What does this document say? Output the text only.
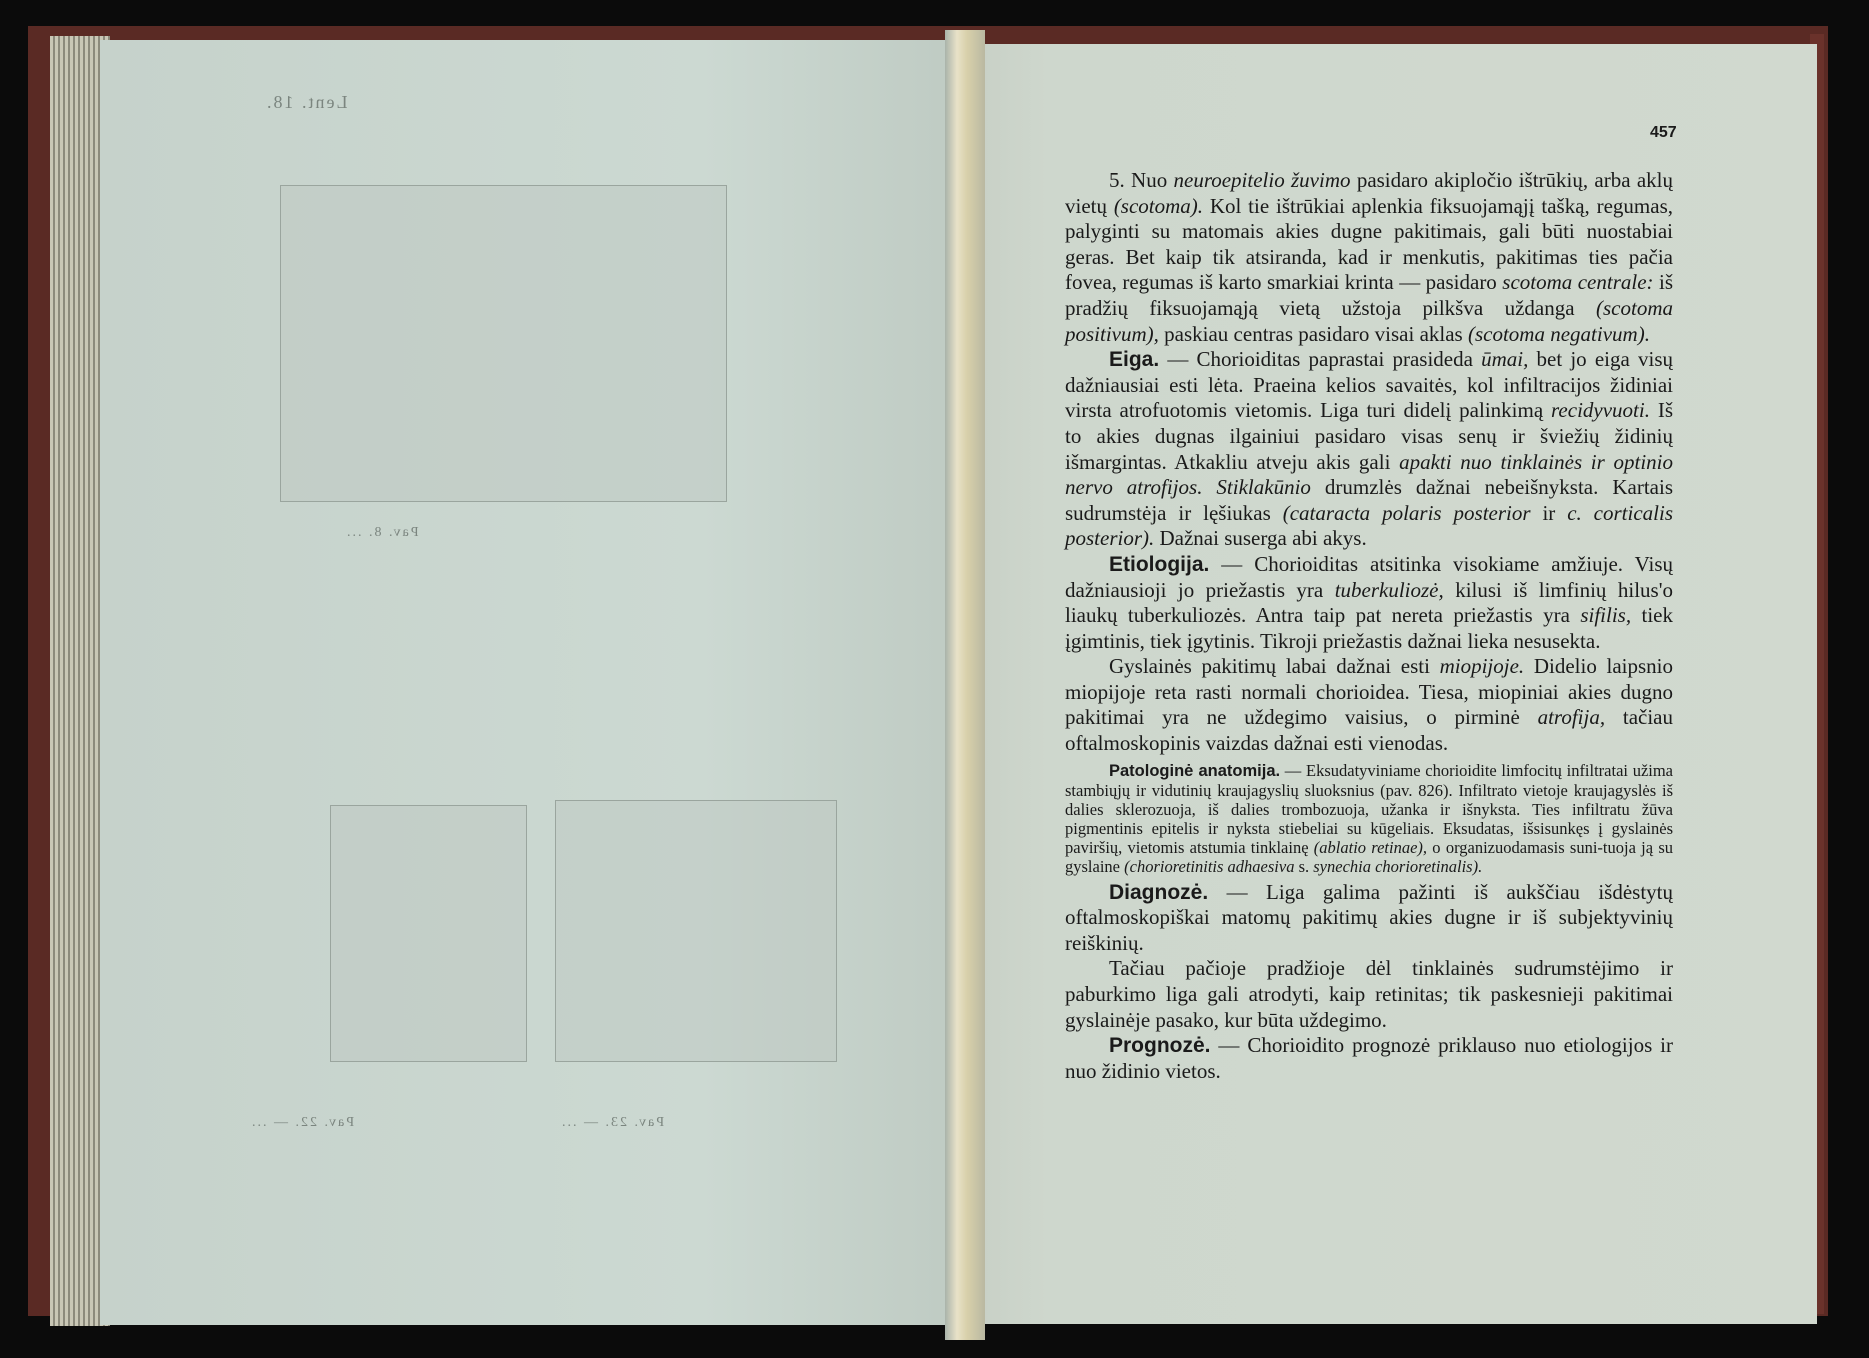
Lent. 18.
Pav. 8. ...
Pav. 22. — ...	Pav. 23. — ...
457

5. Nuo neuroepitelio žuvimo pasidaro akipločio ištrūkių, arba aklų vietų (scotoma). Kol tie ištrūkiai aplenkia fiksuojamąjį tašką, regumas, palyginti su matomais akies dugne pakitimais, gali būti nuostabiai geras. Bet kaip tik atsiranda, kad ir menkutis, pakitimas ties pačia fovea, regumas iš karto smarkiai krinta — pasidaro scotoma centrale: iš pradžių fiksuojamąją vietą užstoja pilkšva uždanga (scotoma positivum), paskiau centras pasidaro visai aklas (scotoma negativum).

Eiga. — Chorioiditas paprastai prasideda ūmai, bet jo eiga visų dažniausiai esti lėta. Praeina kelios savaitės, kol infiltracijos židiniai virsta atrofuotomis vietomis. Liga turi didelį palinkimą recidyvuoti. Iš to akies dugnas ilgainiui pasidaro visas senų ir šviežių židinių išmargintas. Atkakliu atveju akis gali apakti nuo tinklainės ir optinio nervo atrofijos. Stiklakūnio drumzlės dažnai nebeišnyksta. Kartais sudrumstėja ir lęšiukas (cataracta polaris posterior ir c. corticalis posterior). Dažnai suserga abi akys.

Etiologija. — Chorioiditas atsitinka visokiame amžiuje. Visų dažniausioji jo priežastis yra tuberkuliozė, kilusi iš limfinių hilus'o liaukų tuberkuliozės. Antra taip pat nereta priežastis yra sifilis, tiek įgimtinis, tiek įgytinis. Tikroji priežastis dažnai lieka nesusekta.

Gyslainės pakitimų labai dažnai esti miopijoje. Didelio laipsnio miopijoje reta rasti normali chorioidea. Tiesa, miopiniai akies dugno pakitimai yra ne uždegimo vaisius, o pirminė atrofija, tačiau oftalmoskopinis vaizdas dažnai esti vienodas.

Patologinė anatomija. — Eksudatyviniame chorioidite limfocitų infiltratai užima stambiųjų ir vidutinių kraujagyslių sluoksnius (pav. 826). Infiltrato vietoje kraujagyslės iš dalies sklerozuoja, iš dalies trombozuoja, užanka ir išnyksta. Ties infiltratu žūva pigmentinis epitelis ir nyksta stiebeliai su kūgeliais. Eksudatas, išsisunkęs į gyslainės paviršių, vietomis atstumia tinklainę (ablatio retinae), o organizuodamasis suni-tuoja ją su gyslaine (chorioretinitis adhaesiva s. synechia chorioretinalis).

Diagnozė. — Liga galima pažinti iš aukščiau išdėstytų oftalmoskopiškai matomų pakitimų akies dugne ir iš subjektyvinių reiškinių.

Tačiau pačioje pradžioje dėl tinklainės sudrumstėjimo ir paburkimo liga gali atrodyti, kaip retinitas; tik paskesnieji pakitimai gyslainėje pasako, kur būta uždegimo.

Prognozė. — Chorioidito prognozė priklauso nuo etiologijos ir nuo židinio vietos.
